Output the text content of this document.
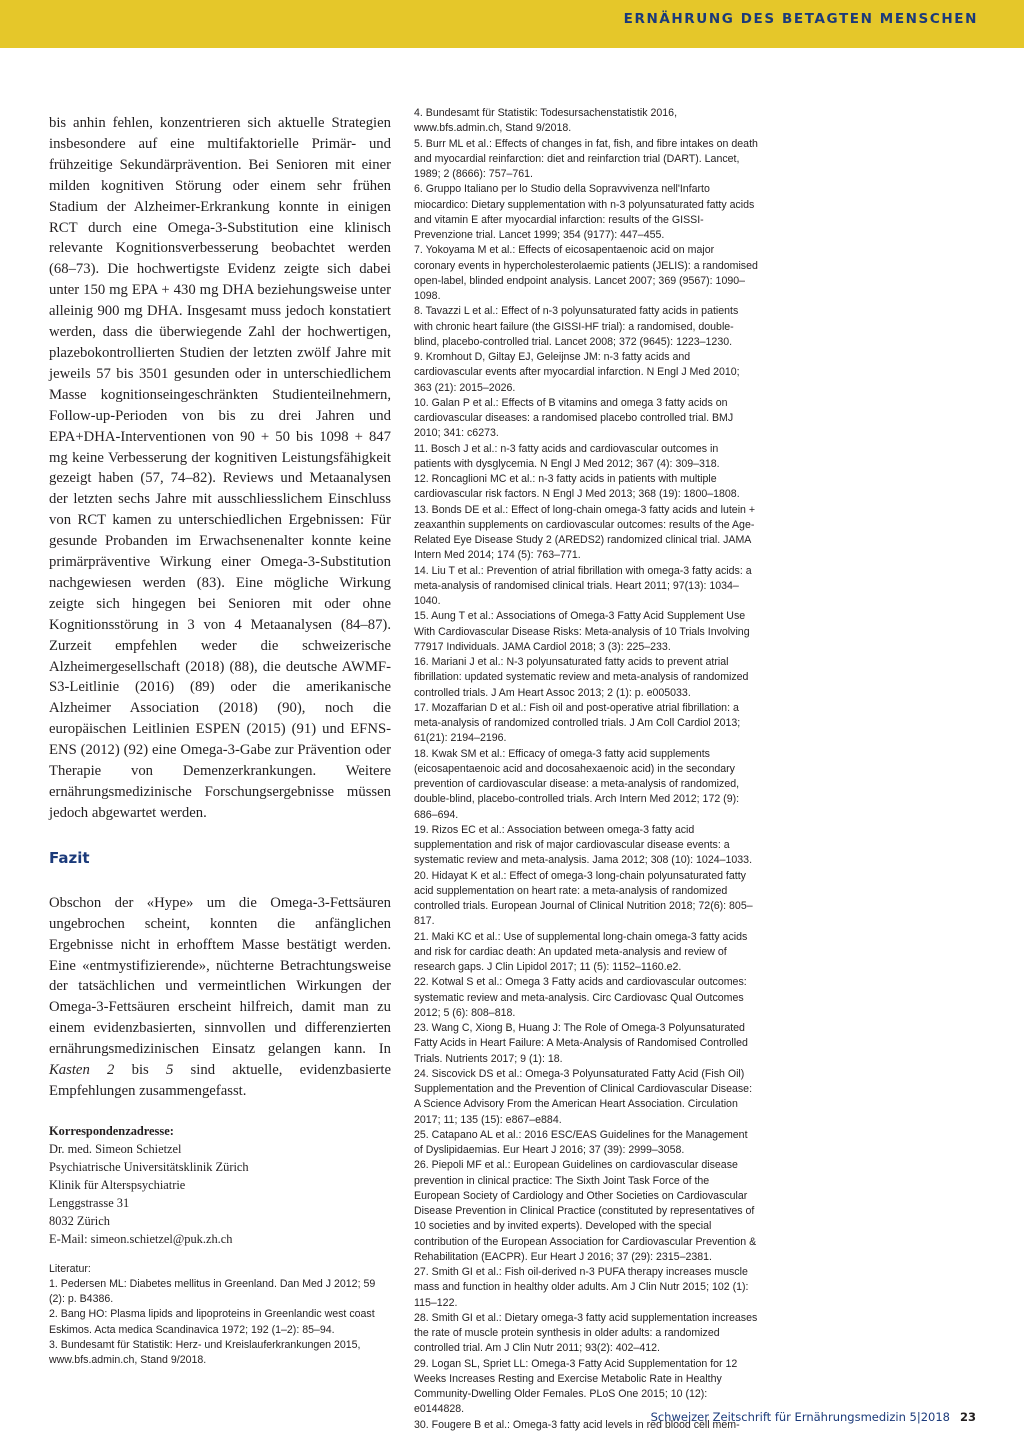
ERNÄHRUNG DES BETAGTEN MENSCHEN

bis anhin fehlen, konzentrieren sich aktuelle Strategien insbesondere auf eine multifaktorielle Primär- und frühzeitige Sekundärprävention. Bei Senioren mit einer milden kognitiven Störung oder einem sehr frühen Stadium der Alzheimer-Erkrankung konnte in einigen RCT durch eine Omega-3-Substitution eine klinisch relevante Kognitionsverbesserung beobachtet werden (68–73). Die hochwertigste Evidenz zeigte sich dabei unter 150 mg EPA + 430 mg DHA beziehungsweise unter alleinig 900 mg DHA. Insgesamt muss jedoch konstatiert werden, dass die überwiegende Zahl der hochwertigen, plazebokontrollierten Studien der letzten zwölf Jahre mit jeweils 57 bis 3501 gesunden oder in unterschiedlichem Masse kognitionseingeschränkten Studienteilnehmern, Follow-up-Perioden von bis zu drei Jahren und EPA+DHA-Interventionen von 90 + 50 bis 1098 + 847 mg keine Verbesserung der kognitiven Leistungsfähigkeit gezeigt haben (57, 74–82). Reviews und Metaanalysen der letzten sechs Jahre mit ausschliesslichem Einschluss von RCT kamen zu unterschiedlichen Ergebnissen: Für gesunde Probanden im Erwachsenenalter konnte keine primärpräventive Wirkung einer Omega-3-Substitution nachgewiesen werden (83). Eine mögliche Wirkung zeigte sich hingegen bei Senioren mit oder ohne Kognitionsstörung in 3 von 4 Metaanalysen (84–87). Zurzeit empfehlen weder die schweizerische Alzheimergesellschaft (2018) (88), die deutsche AWMF-S3-Leitlinie (2016) (89) oder die amerikanische Alzheimer Association (2018) (90), noch die europäischen Leitlinien ESPEN (2015) (91) und EFNS-ENS (2012) (92) eine Omega-3-Gabe zur Prävention oder Therapie von Demenzerkrankungen. Weitere ernährungsmedizinische Forschungsergebnisse müssen jedoch abgewartet werden.

Fazit

Obschon der «Hype» um die Omega-3-Fettsäuren ungebrochen scheint, konnten die anfänglichen Ergebnisse nicht in erhofftem Masse bestätigt werden. Eine «entmystifizierende», nüchterne Betrachtungsweise der tatsächlichen und vermeintlichen Wirkungen der Omega-3-Fettsäuren erscheint hilfreich, damit man zu einem evidenzbasierten, sinnvollen und differenzierten ernährungsmedizinischen Einsatz gelangen kann. In Kasten 2 bis 5 sind aktuelle, evidenzbasierte Empfehlungen zusammengefasst.

Korrespondenzadresse:
Dr. med. Simeon Schietzel
Psychiatrische Universitätsklinik Zürich
Klinik für Alterspsychiatrie
Lenggstrasse 31
8032 Zürich
E-Mail: simeon.schietzel@puk.zh.ch
Literatur:
1. Pedersen ML: Diabetes mellitus in Greenland. Dan Med J 2012; 59 (2): p. B4386.
2. Bang HO: Plasma lipids and lipoproteins in Greenlandic west coast Eskimos. Acta medica Scandinavica 1972; 192 (1–2): 85–94.
3. Bundesamt für Statistik: Herz- und Kreislauferkrankungen 2015, www.bfs.admin.ch, Stand 9/2018.
4. Bundesamt für Statistik: Todesursachenstatistik 2016, www.bfs.admin.ch, Stand 9/2018.
5. Burr ML et al.: Effects of changes in fat, fish, and fibre intakes on death and myocardial reinfarction: diet and reinfarction trial (DART). Lancet, 1989; 2 (8666): 757–761.
6. Gruppo Italiano per lo Studio della Sopravvivenza nell'Infarto miocardico: Dietary supplementation with n-3 polyunsaturated fatty acids and vitamin E after myocardial infarction: results of the GISSI-Prevenzione trial. Lancet 1999; 354 (9177): 447–455.
7. Yokoyama M et al.: Effects of eicosapentaenoic acid on major coronary events in hypercholesterolaemic patients (JELIS): a randomised open-label, blinded endpoint analysis. Lancet 2007; 369 (9567): 1090–1098.
8. Tavazzi L et al.: Effect of n-3 polyunsaturated fatty acids in patients with chronic heart failure (the GISSI-HF trial): a randomised, double-blind, placebo-controlled trial. Lancet 2008; 372 (9645): 1223–1230.
9. Kromhout D, Giltay EJ, Geleijnse JM: n-3 fatty acids and cardiovascular events after myocardial infarction. N Engl J Med 2010; 363 (21): 2015–2026.
10. Galan P et al.: Effects of B vitamins and omega 3 fatty acids on cardiovascular diseases: a randomised placebo controlled trial. BMJ 2010; 341: c6273.
11. Bosch J et al.: n-3 fatty acids and cardiovascular outcomes in patients with dysglycemia. N Engl J Med 2012; 367 (4): 309–318.
12. Roncaglioni MC et al.: n-3 fatty acids in patients with multiple cardiovascular risk factors. N Engl J Med 2013; 368 (19): 1800–1808.
13. Bonds DE et al.: Effect of long-chain omega-3 fatty acids and lutein + zeaxanthin supplements on cardiovascular outcomes: results of the Age-Related Eye Disease Study 2 (AREDS2) randomized clinical trial. JAMA Intern Med 2014; 174 (5): 763–771.
14. Liu T et al.: Prevention of atrial fibrillation with omega-3 fatty acids: a meta-analysis of randomised clinical trials. Heart 2011; 97(13): 1034–1040.
15. Aung T et al.: Associations of Omega-3 Fatty Acid Supplement Use With Cardiovascular Disease Risks: Meta-analysis of 10 Trials Involving 77917 Individuals. JAMA Cardiol 2018; 3 (3): 225–233.
16. Mariani J et al.: N-3 polyunsaturated fatty acids to prevent atrial fibrillation: updated systematic review and meta-analysis of randomized controlled trials. J Am Heart Assoc 2013; 2 (1): p. e005033.
17. Mozaffarian D et al.: Fish oil and post-operative atrial fibrillation: a meta-analysis of randomized controlled trials. J Am Coll Cardiol 2013; 61(21): 2194–2196.
18. Kwak SM et al.: Efficacy of omega-3 fatty acid supplements (eicosapentaenoic acid and docosahexaenoic acid) in the secondary prevention of cardiovascular disease: a meta-analysis of randomized, double-blind, placebo-controlled trials. Arch Intern Med 2012; 172 (9): 686–694.
19. Rizos EC et al.: Association between omega-3 fatty acid supplementation and risk of major cardiovascular disease events: a systematic review and meta-analysis. Jama 2012; 308 (10): 1024–1033.
20. Hidayat K et al.: Effect of omega-3 long-chain polyunsaturated fatty acid supplementation on heart rate: a meta-analysis of randomized controlled trials. European Journal of Clinical Nutrition 2018; 72(6): 805–817.
21. Maki KC et al.: Use of supplemental long-chain omega-3 fatty acids and risk for cardiac death: An updated meta-analysis and review of research gaps. J Clin Lipidol 2017; 11 (5): 1152–1160.e2.
22. Kotwal S et al.: Omega 3 Fatty acids and cardiovascular outcomes: systematic review and meta-analysis. Circ Cardiovasc Qual Outcomes 2012; 5 (6): 808–818.
23. Wang C, Xiong B, Huang J: The Role of Omega-3 Polyunsaturated Fatty Acids in Heart Failure: A Meta-Analysis of Randomised Controlled Trials. Nutrients 2017; 9 (1): 18.
24. Siscovick DS et al.: Omega-3 Polyunsaturated Fatty Acid (Fish Oil) Supplementation and the Prevention of Clinical Cardiovascular Disease: A Science Advisory From the American Heart Association. Circulation 2017; 11; 135 (15): e867–e884.
25. Catapano AL et al.: 2016 ESC/EAS Guidelines for the Management of Dyslipidaemias. Eur Heart J 2016; 37 (39): 2999–3058.
26. Piepoli MF et al.: European Guidelines on cardiovascular disease prevention in clinical practice: The Sixth Joint Task Force of the European Society of Cardiology and Other Societies on Cardiovascular Disease Prevention in Clinical Practice (constituted by representatives of 10 societies and by invited experts). Developed with the special contribution of the European Association for Cardiovascular Prevention & Rehabilitation (EACPR). Eur Heart J 2016; 37 (29): 2315–2381.
27. Smith GI et al.: Fish oil-derived n-3 PUFA therapy increases muscle mass and function in healthy older adults. Am J Clin Nutr 2015; 102 (1): 115–122.
28. Smith GI et al.: Dietary omega-3 fatty acid supplementation increases the rate of muscle protein synthesis in older adults: a randomized controlled trial. Am J Clin Nutr 2011; 93(2): 402–412.
29. Logan SL, Spriet LL: Omega-3 Fatty Acid Supplementation for 12 Weeks Increases Resting and Exercise Metabolic Rate in Healthy Community-Dwelling Older Females. PLoS One 2015; 10 (12): e0144828.
30. Fougere B et al.: Omega-3 fatty acid levels in red blood cell mem-
Schweizer Zeitschrift für Ernährungsmedizin 5|2018 23
